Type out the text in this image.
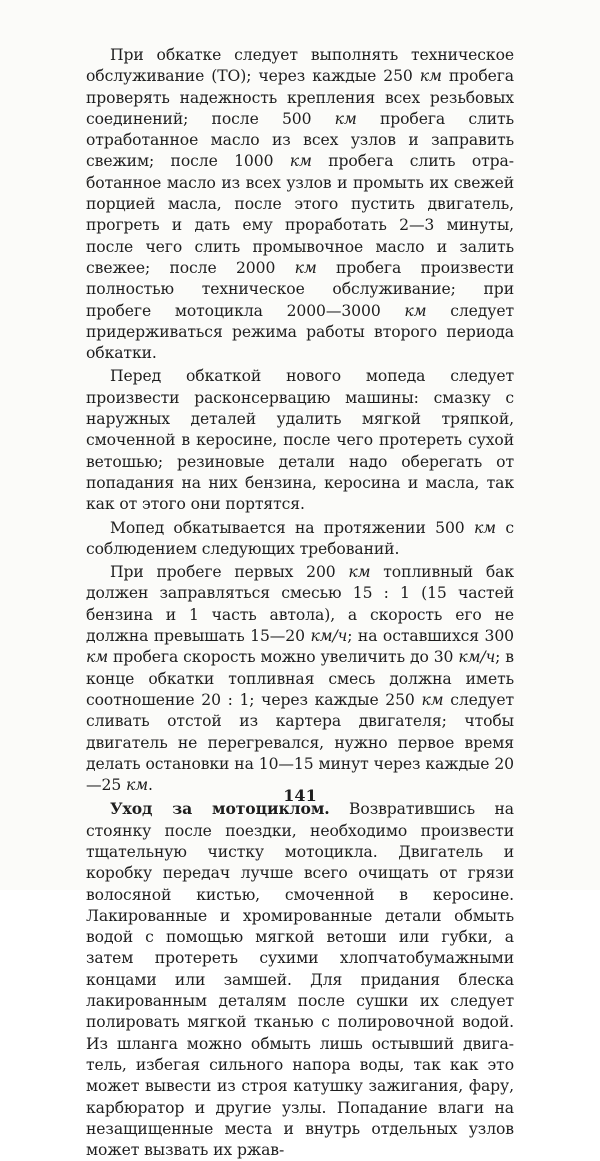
При обкатке следует выполнять техническое обслуживание (ТО); через каждые 250 км пробега проверять надежность крепления всех резьбовых соединений; после 500 км пробега слить отработанное масло из всех узлов и заправить свежим; после 1000 км пробега слить отработанное масло из всех узлов и промыть их свежей порцией масла, после этого пустить двигатель, прогреть и дать ему проработать 2—3 минуты, после чего слить промывочное масло и залить свежее; после 2000 км пробега произвести полностью техническое обслуживание; при пробеге мотоцикла 2000—3000 км следует придерживаться режима работы второго периода обкатки.

Перед обкаткой нового мопеда следует произвести расконсервацию машины: смазку с наружных деталей удалить мягкой тряпкой, смоченной в керосине, после чего протереть сухой ветошью; резиновые детали надо оберегать от попадания на них бензина, керосина и масла, так как от этого они портятся.

Мопед обкатывается на протяжении 500 км с соблюдением следующих требований.

При пробеге первых 200 км топливный бак должен заправляться смесью 15 : 1 (15 частей бензина и 1 часть автола), а скорость его не должна превышать 15—20 км/ч; на оставшихся 300 км пробега скорость можно увеличить до 30 км/ч; в конце обкатки топливная смесь должна иметь соотношение 20 : 1; через каждые 250 км следует сливать отстой из картера двигателя; чтобы двигатель не перегревался, нужно первое время делать остановки на 10—15 минут через каждые 20—25 км.

Уход за мотоциклом. Возвратившись на стоянку после поездки, необходимо произвести тщательную чистку мотоцикла. Двигатель и коробку передач лучше всего очищать от грязи волосяной кистью, смоченной в керосине. Лакированные и хромированные детали обмыть водой с помощью мягкой ветоши или губки, а затем протереть сухими хлопчатобумажными концами или замшей. Для придания блеска лакированным деталям после сушки их следует полировать мягкой тканью с полировочной водой. Из шланга можно обмыть лишь остывший двигатель, избегая сильного напора воды, так как это может вывести из строя катушку зажигания, фару, карбюратор и другие узлы. Попадание влаги на незащищенные места и внутрь отдельных узлов может вызвать их ржав-

141
